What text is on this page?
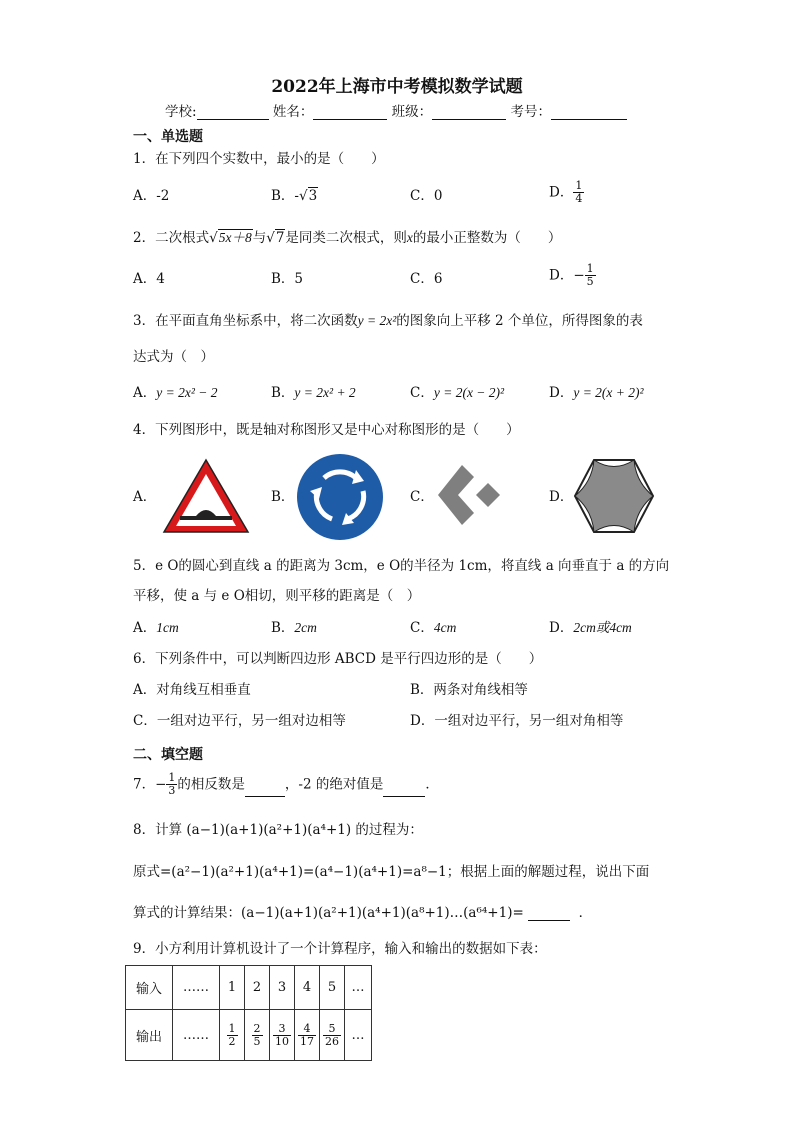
2022年上海市中考模拟数学试题
学校:	姓名：	班级：	考号：
一、单选题
1．在下列四个实数中，最小的是（　　）
A．-2	B．-√3	C．0	D． $\frac{1}{4}$
2．二次根式√5x＋8与√7是同类二次根式，则x的最小正整数为（　　）
A．4	B．5	C．6	D．− $\frac{1}{5}$
3．在平面直角坐标系中，将二次函数y = 2x²的图象向上平移 2 个单位，所得图象的表
达式为（　）
A．y = 2x² − 2	B．y = 2x² + 2	C．y = 2(x − 2)²	D．y = 2(x + 2)²
4．下列图形中，既是轴对称图形又是中心对称图形的是（　　）
A．	B．	C．	D．
5．e O的圆心到直线 a 的距离为 3cm，e O的半径为 1cm，将直线 a 向垂直于 a 的方向
平移，使 a 与 e O相切，则平移的距离是（　）
A．1cm	B．2cm	C．4cm	D．2cm或4cm
6．下列条件中，可以判断四边形 ABCD 是平行四边形的是（　　）
A．对角线互相垂直	B．两条对角线相等
C．一组对边平行，另一组对边相等	D．一组对边平行，另一组对角相等
二、填空题
7．− $\frac{1}{3}$ 的相反数是	，-2 的绝对值是	．
8．计算 (a−1)(a+1)(a²+1)(a⁴+1) 的过程为：
原式=(a²−1)(a²+1)(a⁴+1)=(a⁴−1)(a⁴+1)=a⁸−1；根据上面的解题过程，说出下面
算式的计算结果：(a−1)(a+1)(a²+1)(a⁴+1)(a⁸+1)…(a⁶⁴+1)=	．
9．小方利用计算机设计了一个计算程序，输入和输出的数据如下表：
输入	……	1	2	3	4	5	…
输出	……	$\frac{1}{2}$	$\frac{2}{5}$	$\frac{3}{10}$	$\frac{4}{17}$	$\frac{5}{26}$	…
